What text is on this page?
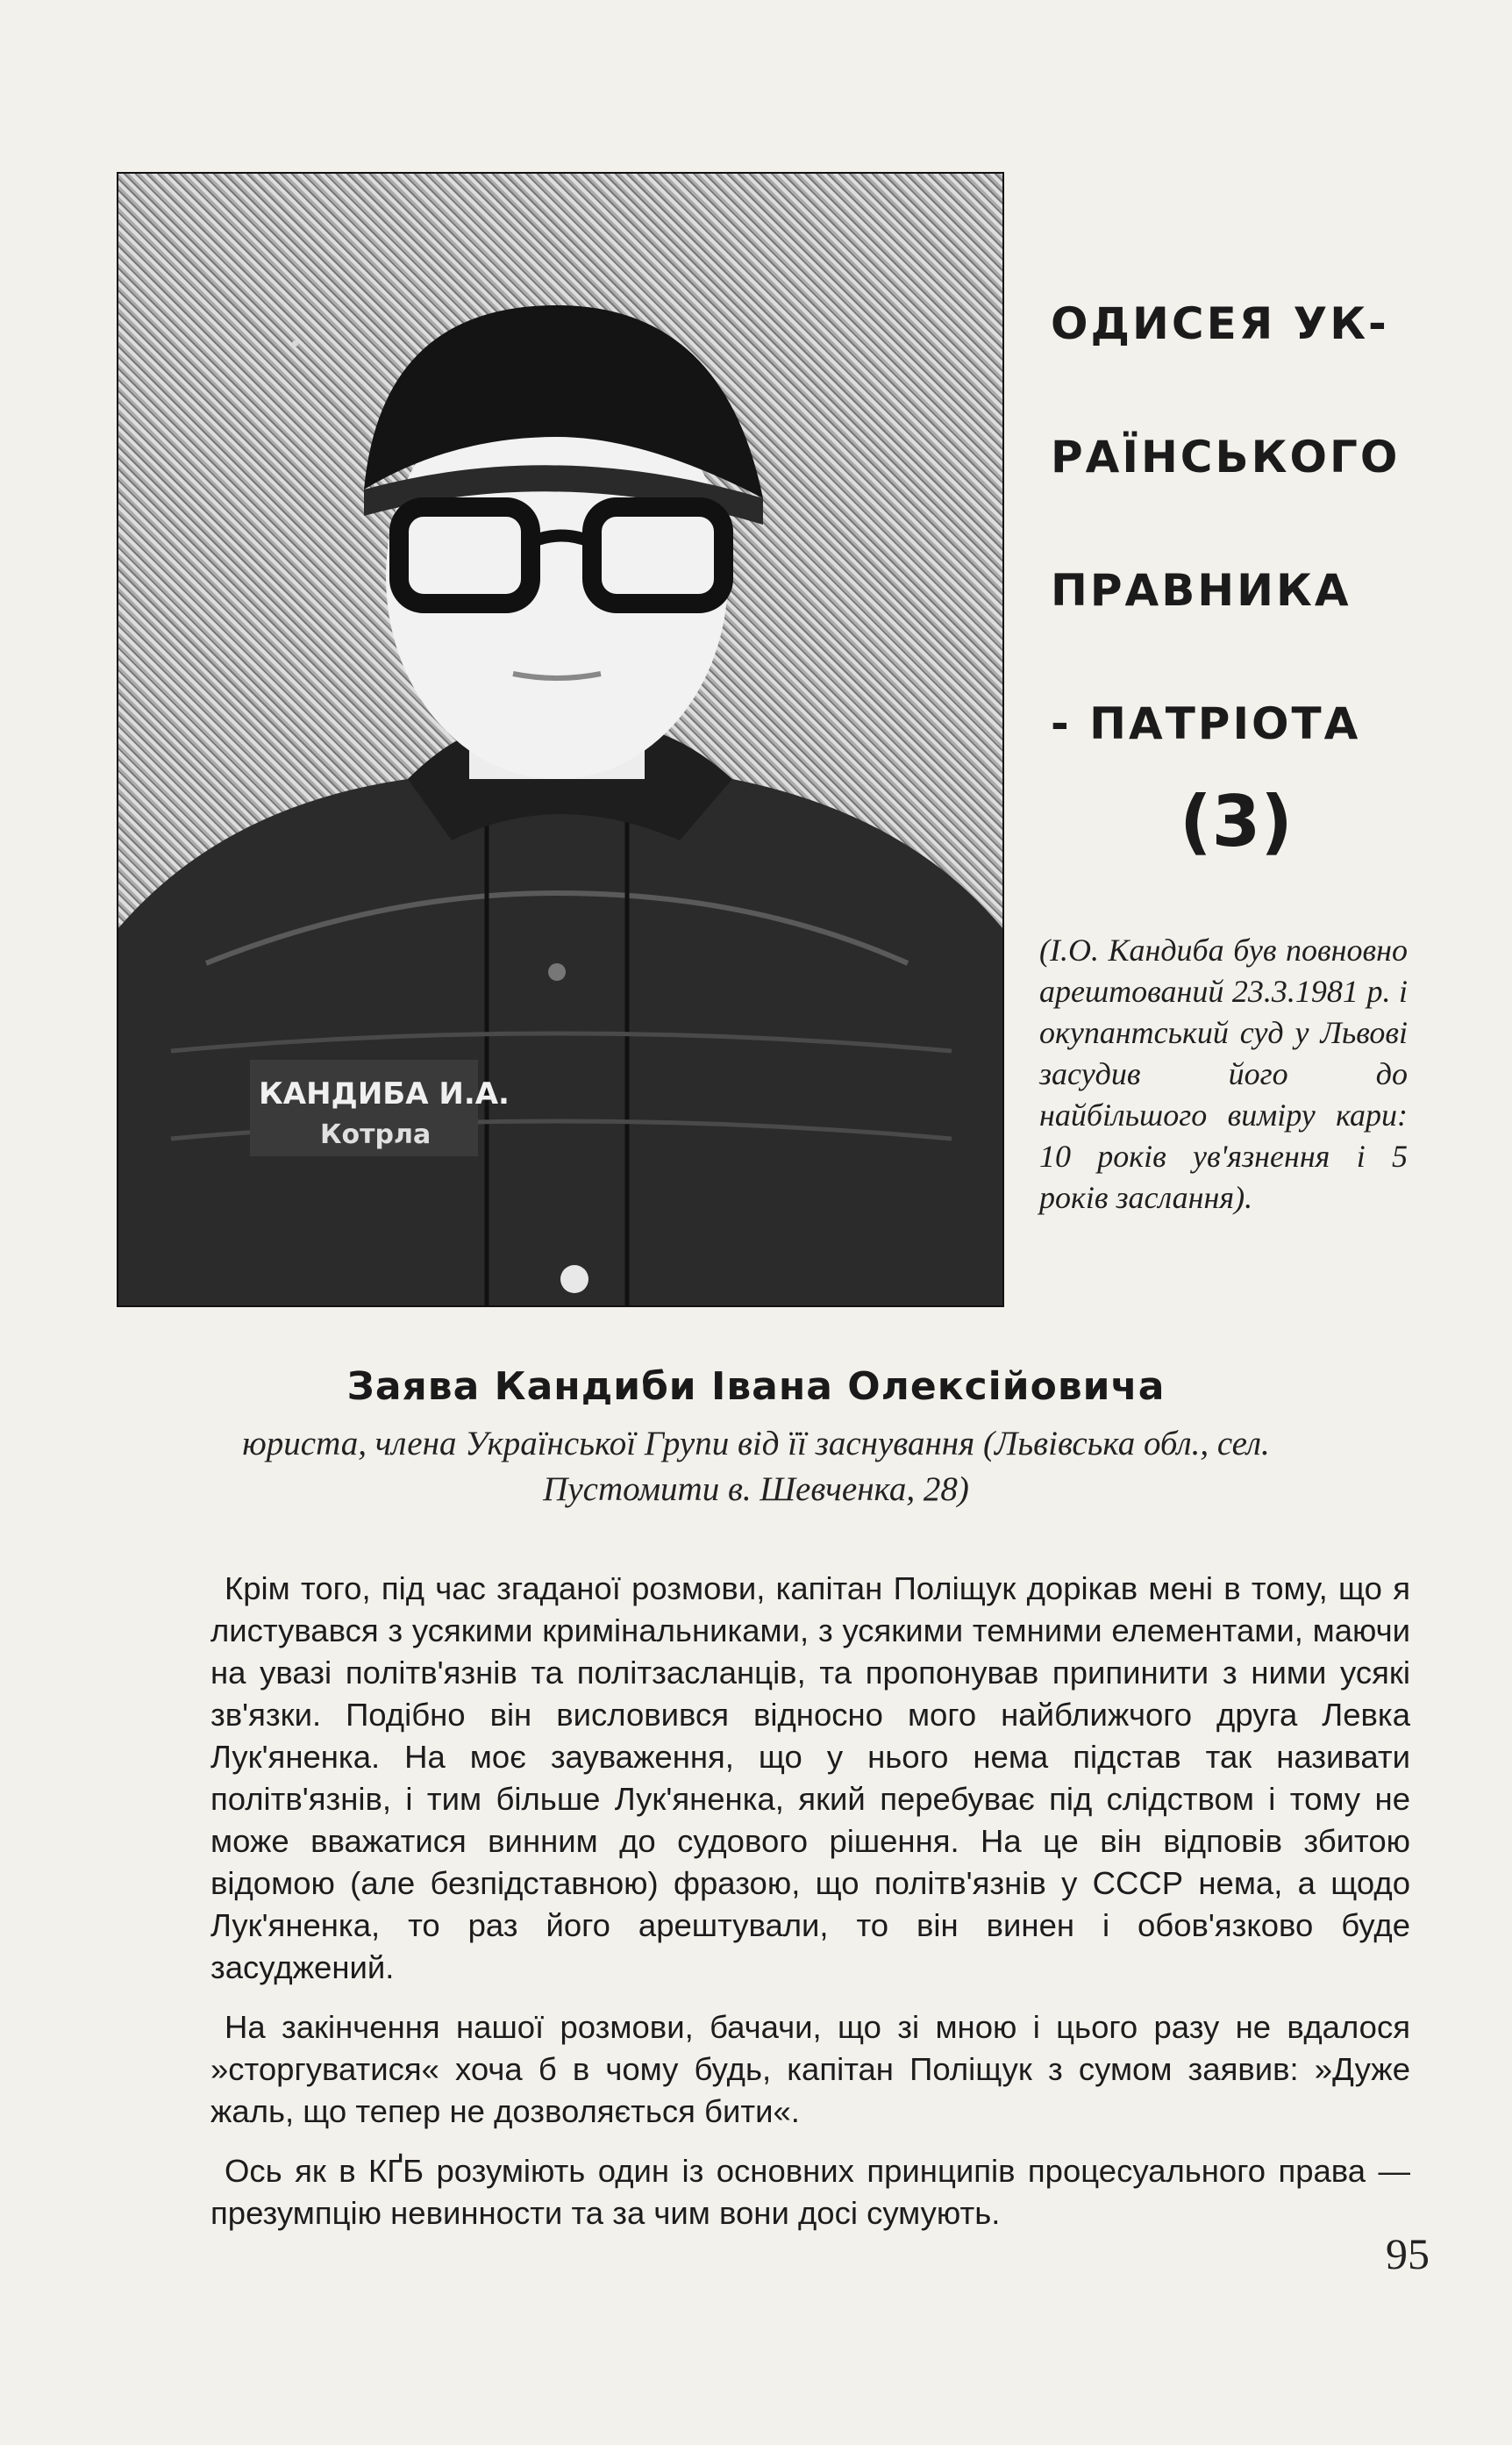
КАНДИБА И.А.
Котрла
ОДИСЕЯ УК-
РАЇНСЬКОГО
ПРАВНИКА
- ПАТРІОТА
(3)
(І.О. Кандиба був повновно арештований 23.3.1981 р. і окупантський суд у Львові засудив його до найбільшого виміру кари: 10 років ув'язнення і 5 років заслання).
Заява Кандиби Івана Олексійовича
юриста, члена Української Групи від її заснування (Львівська обл., сел. Пустомити в. Шевченка, 28)

Крім того, під час згаданої розмови, капітан Поліщук дорікав мені в тому, що я листувався з усякими кримінальниками, з усякими темними елементами, маючи на увазі політв'язнів та політзасланців, та пропонував припинити з ними усякі зв'язки. Подібно він висловився відносно мого найближчого друга Левка Лук'яненка. На моє зауваження, що у нього нема підстав так називати політв'язнів, і тим більше Лук'яненка, який перебуває під слідством і тому не може вважатися винним до судового рішення. На це він відповів збитою відомою (але безпідставною) фразою, що політв'язнів у СССР нема, а щодо Лук'яненка, то раз його арештували, то він винен і обов'язково буде засуджений.

На закінчення нашої розмови, бачачи, що зі мною і цього разу не вдалося »сторгуватися« хоча б в чому будь, капітан Поліщук з сумом заявив: »Дуже жаль, що тепер не дозволяється бити«.

Ось як в КҐБ розуміють один із основних принципів процесуального права — презумпцію невинности та за чим вони досі сумують.

95
